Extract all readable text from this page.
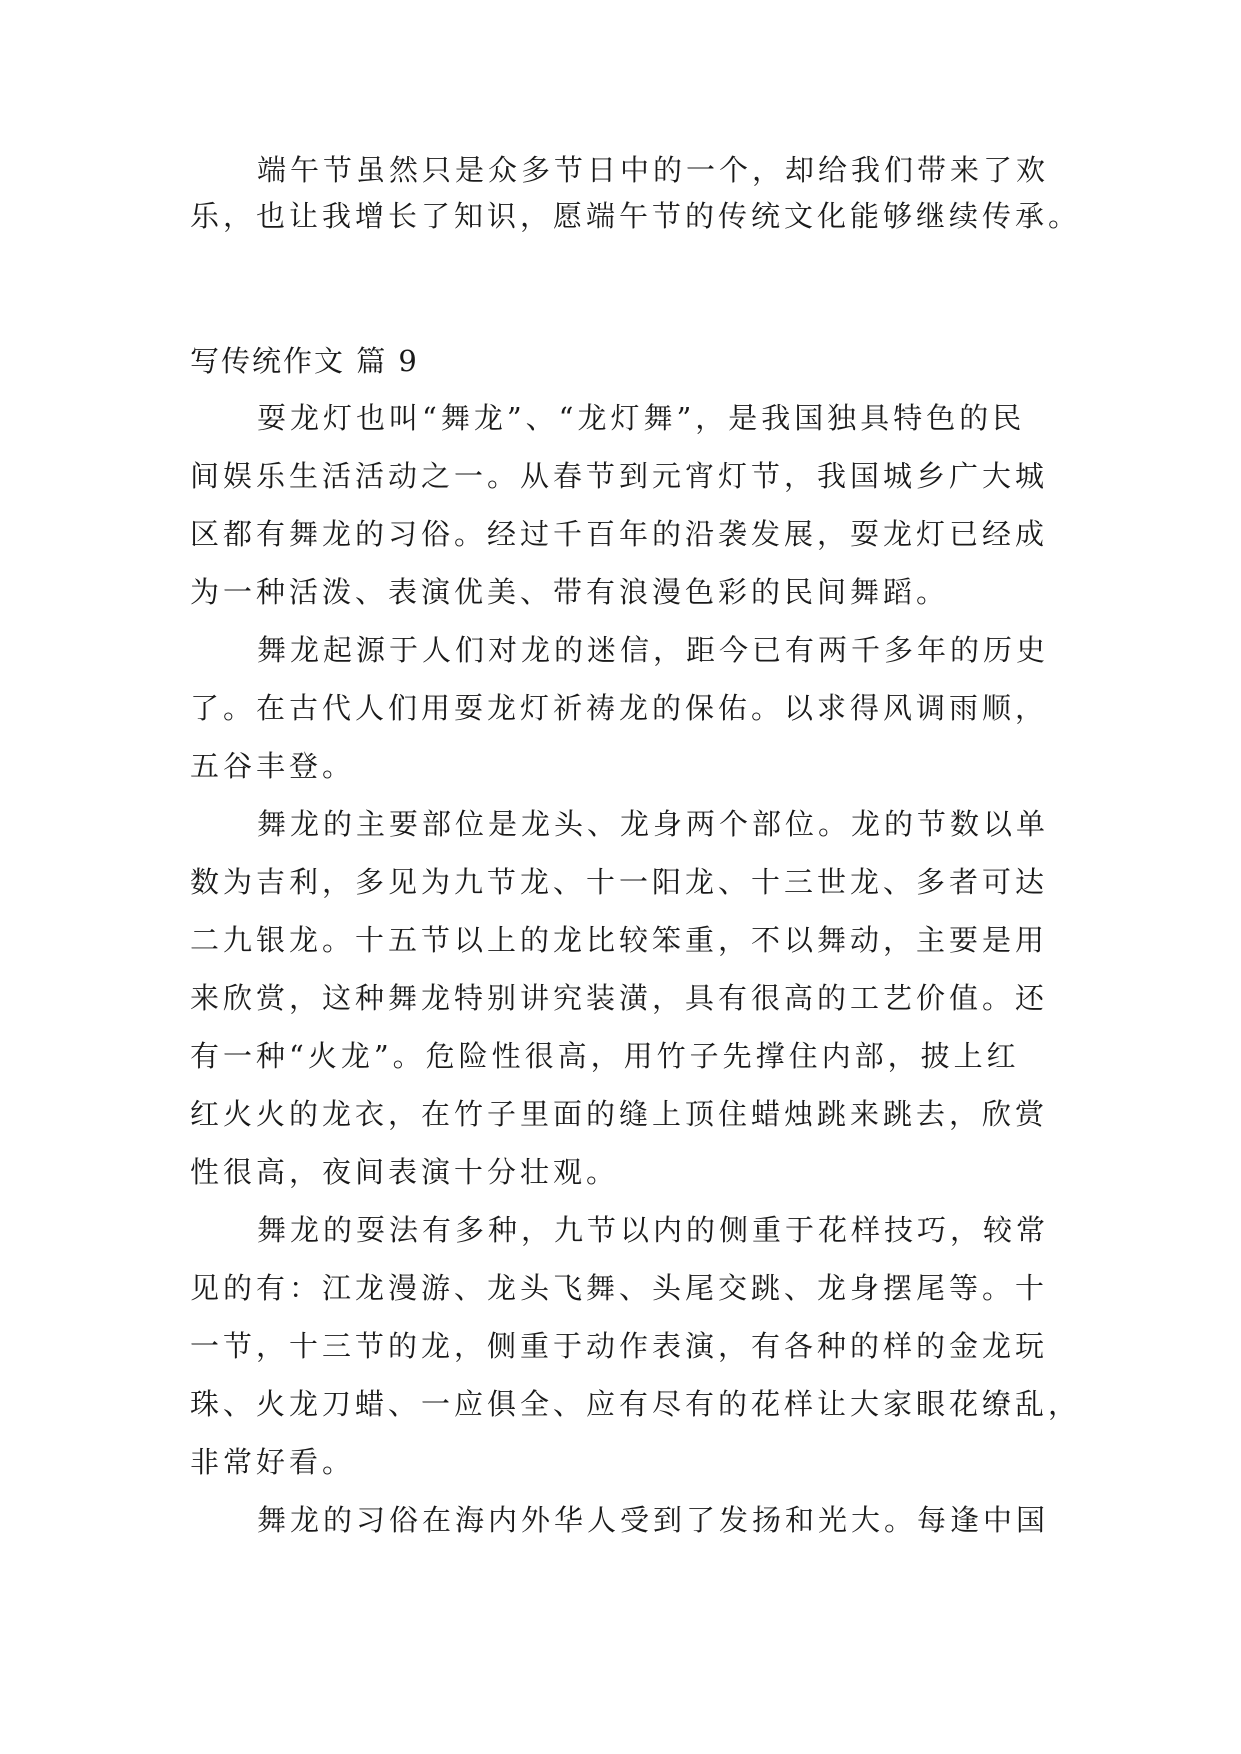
端午节虽然只是众多节日中的一个，却给我们带来了欢

乐，也让我增长了知识，愿端午节的传统文化能够继续传承。

写传统作文 篇 9

耍龙灯也叫“舞龙”、“龙灯舞”，是我国独具特色的民

间娱乐生活活动之一。从春节到元宵灯节，我国城乡广大城

区都有舞龙的习俗。经过千百年的沿袭发展，耍龙灯已经成

为一种活泼、表演优美、带有浪漫色彩的民间舞蹈。

舞龙起源于人们对龙的迷信，距今已有两千多年的历史

了。在古代人们用耍龙灯祈祷龙的保佑。以求得风调雨顺，

五谷丰登。

舞龙的主要部位是龙头、龙身两个部位。龙的节数以单

数为吉利，多见为九节龙、十一阳龙、十三世龙、多者可达

二九银龙。十五节以上的龙比较笨重，不以舞动，主要是用

来欣赏，这种舞龙特别讲究装潢，具有很高的工艺价值。还

有一种“火龙”。危险性很高，用竹子先撑住内部，披上红

红火火的龙衣，在竹子里面的缝上顶住蜡烛跳来跳去，欣赏

性很高，夜间表演十分壮观。

舞龙的耍法有多种，九节以内的侧重于花样技巧，较常

见的有：江龙漫游、龙头飞舞、头尾交跳、龙身摆尾等。十

一节，十三节的龙，侧重于动作表演，有各种的样的金龙玩

珠、火龙刀蜡、一应俱全、应有尽有的花样让大家眼花缭乱，

非常好看。

舞龙的习俗在海内外华人受到了发扬和光大。每逢中国
